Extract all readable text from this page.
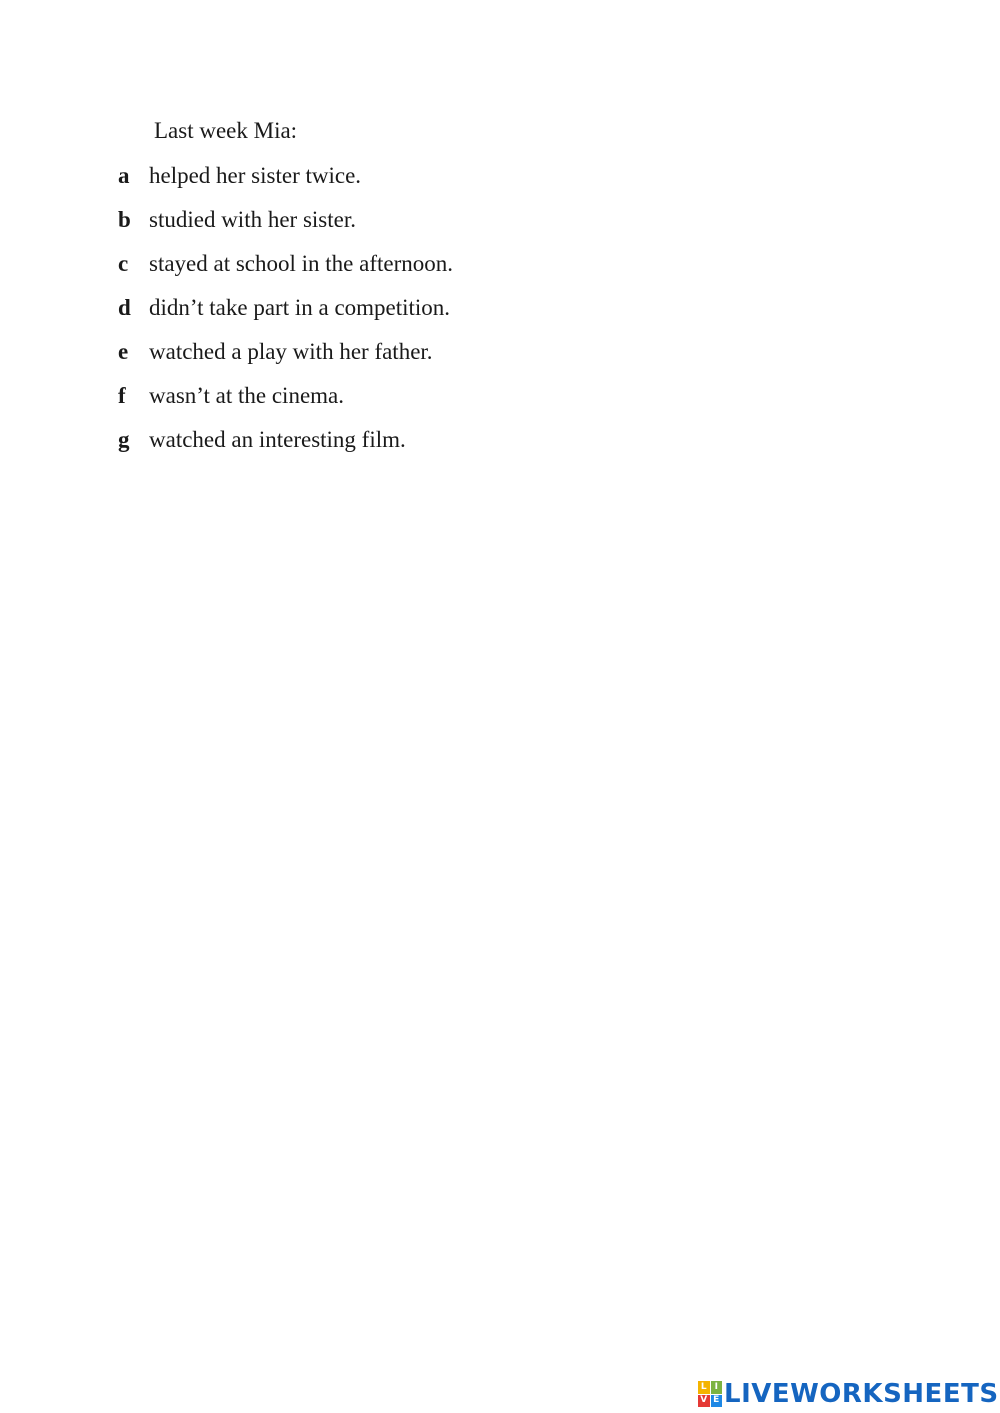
Last week Mia:
a helped her sister twice.
b studied with her sister.
c stayed at school in the afternoon.
d didn’t take part in a competition.
e watched a play with her father.
f	wasn’t at the cinema.
g watched an interesting film.
L I
V E LIVEWORKSHEETS
